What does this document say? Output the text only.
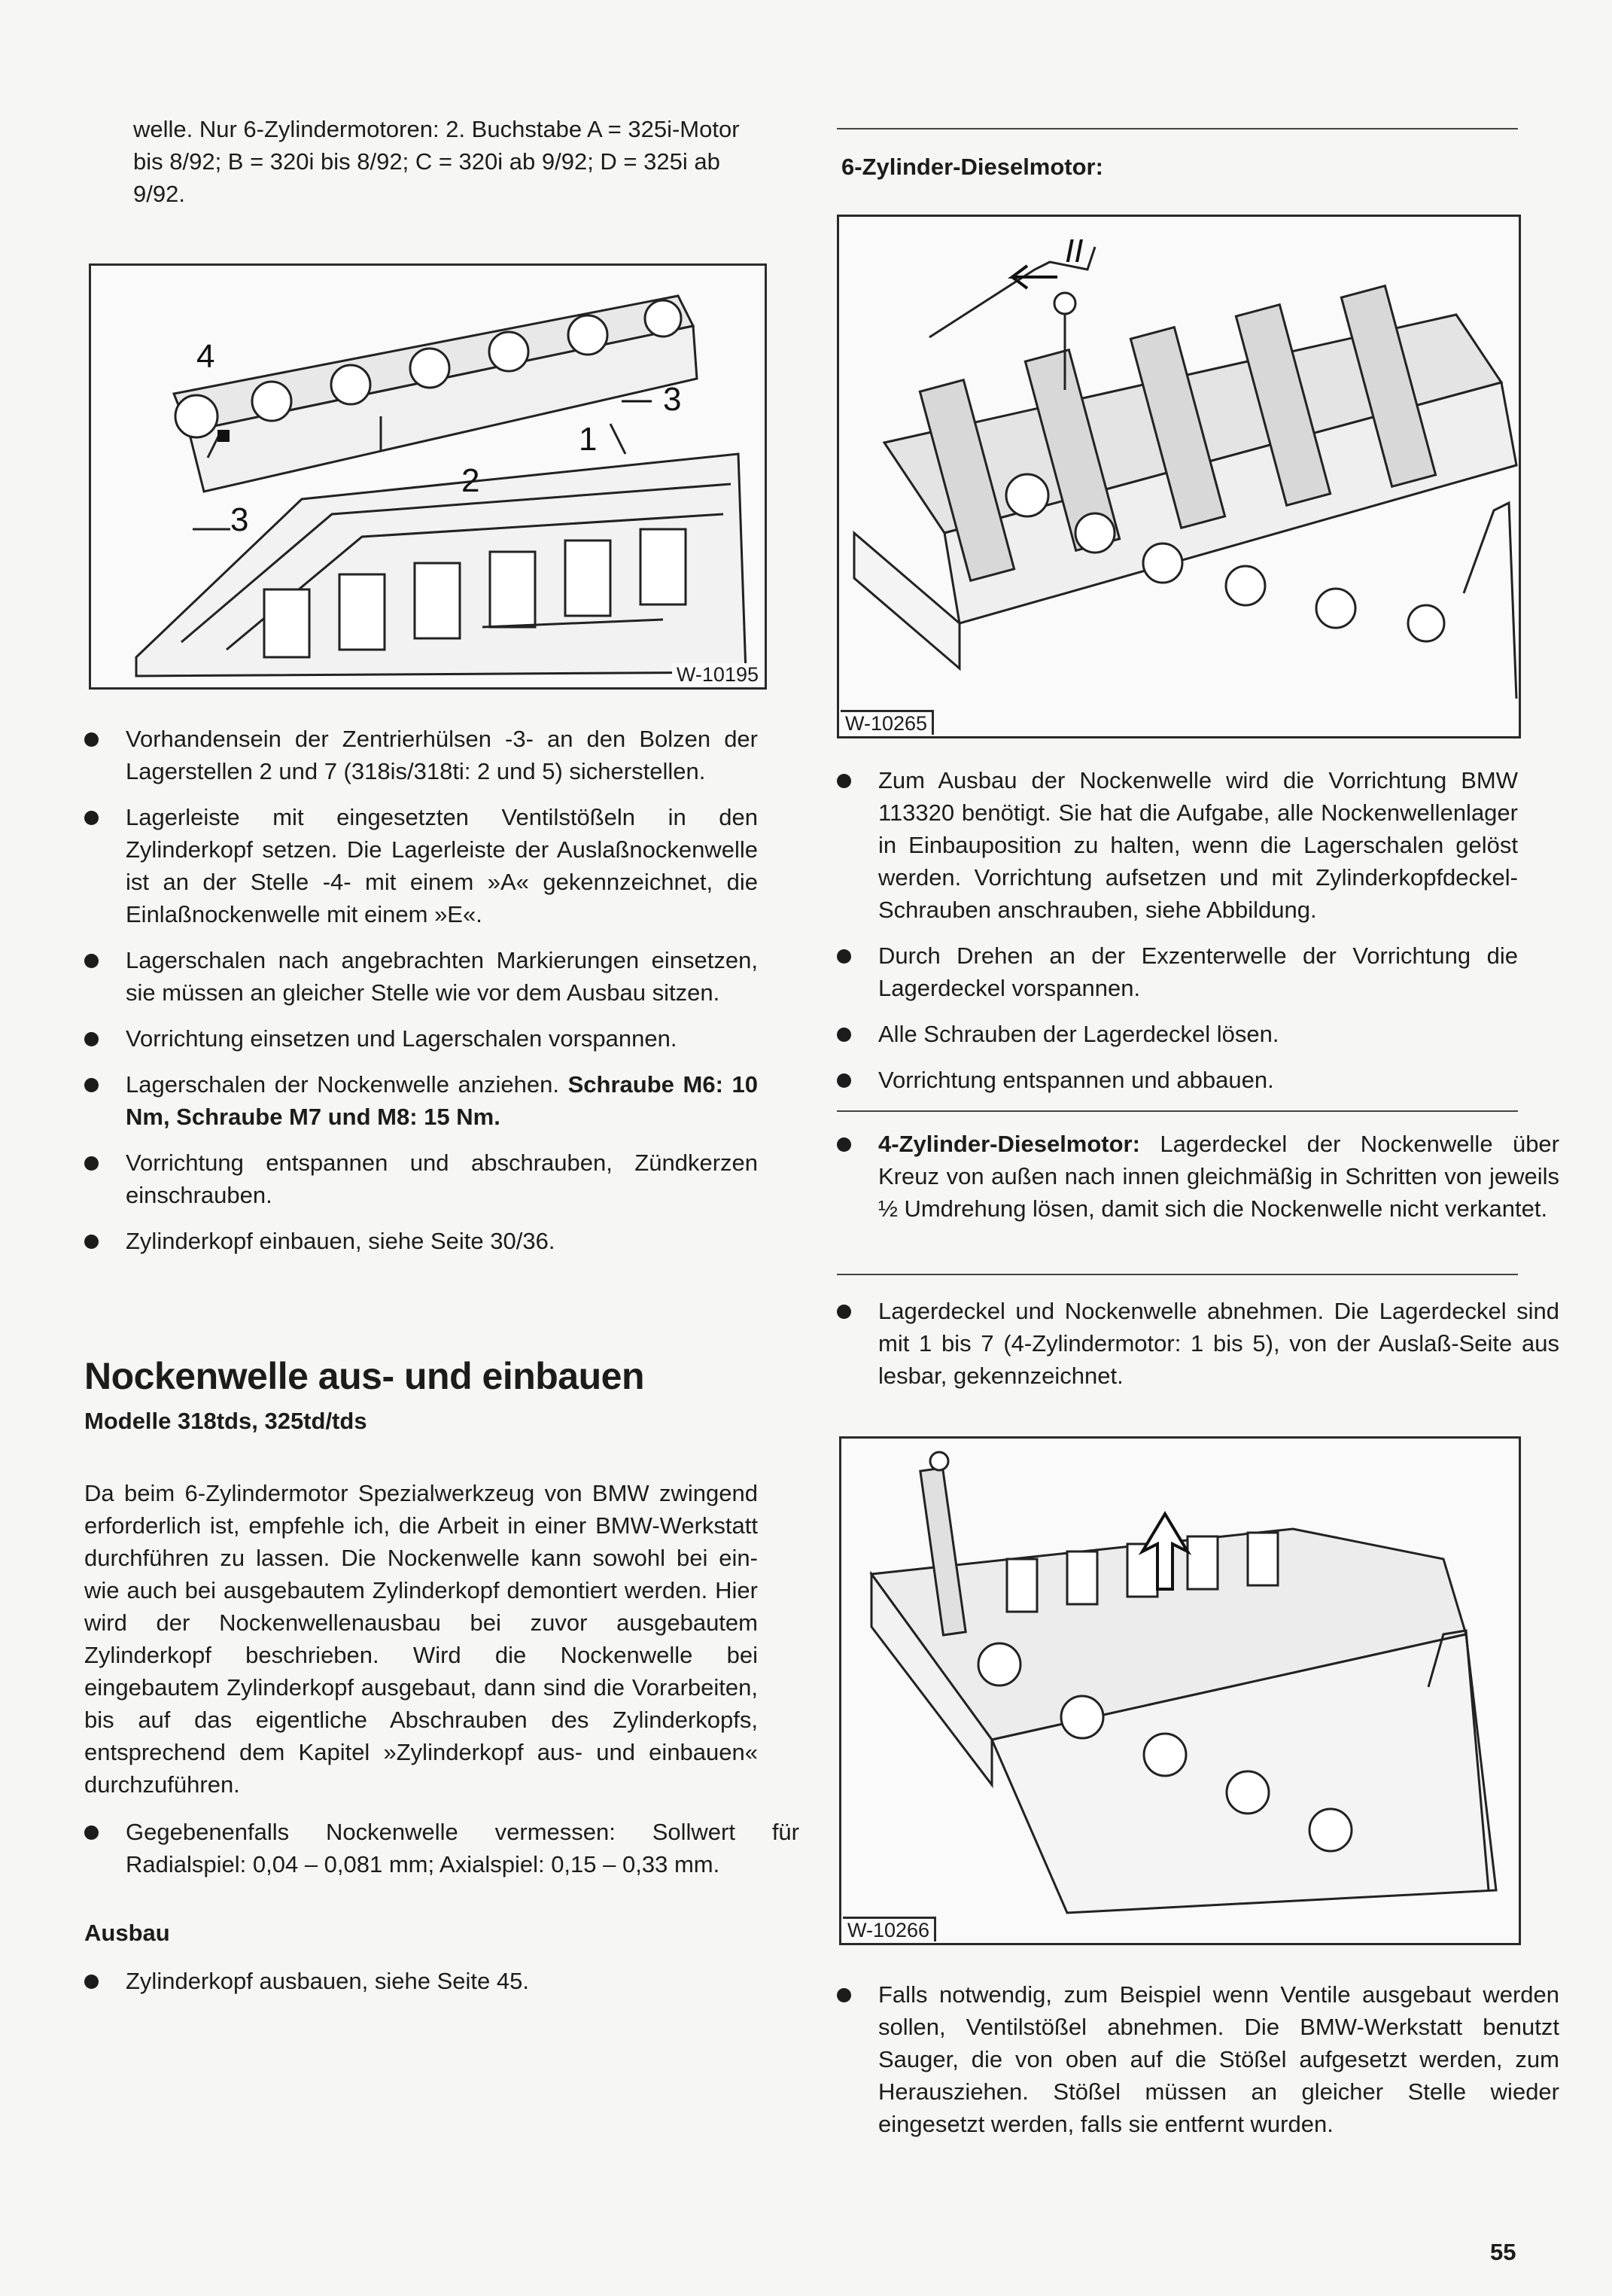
welle. Nur 6-Zylindermotoren: 2. Buchstabe A = 325i-Motor bis 8/92; B = 320i bis 8/92; C = 320i ab 9/92; D = 325i ab 9/92.

4
3
1
2
3
W-10195

Vorhandensein der Zentrierhülsen -3- an den Bolzen der Lagerstellen 2 und 7 (318is/318ti: 2 und 5) sicherstellen.

Lagerleiste mit eingesetzten Ventilstößeln in den Zylinderkopf setzen. Die Lagerleiste der Auslaßnockenwelle ist an der Stelle -4- mit einem »A« gekennzeichnet, die Einlaßnockenwelle mit einem »E«.

Lagerschalen nach angebrachten Markierungen einsetzen, sie müssen an gleicher Stelle wie vor dem Ausbau sitzen.

Vorrichtung einsetzen und Lagerschalen vorspannen.

Lagerschalen der Nockenwelle anziehen. Schraube M6: 10 Nm, Schraube M7 und M8: 15 Nm.

Vorrichtung entspannen und abschrauben, Zündkerzen einschrauben.

Zylinderkopf einbauen, siehe Seite 30/36.

Nockenwelle aus- und einbauen
Modelle 318tds, 325td/tds

Da beim 6-Zylindermotor Spezialwerkzeug von BMW zwingend erforderlich ist, empfehle ich, die Arbeit in einer BMW-Werkstatt durchführen zu lassen. Die Nockenwelle kann sowohl bei ein- wie auch bei ausgebautem Zylinderkopf demontiert werden. Hier wird der Nockenwellenausbau bei zuvor ausgebautem Zylinderkopf beschrieben. Wird die Nockenwelle bei eingebautem Zylinderkopf ausgebaut, dann sind die Vorarbeiten, bis auf das eigentliche Abschrauben des Zylinderkopfs, entsprechend dem Kapitel »Zylinderkopf aus- und einbauen« durchzuführen.

Gegebenenfalls Nockenwelle vermessen: Sollwert für Radialspiel: 0,04 – 0,081 mm; Axialspiel: 0,15 – 0,33 mm.

Ausbau

Zylinderkopf ausbauen, siehe Seite 45.

6-Zylinder-Dieselmotor:
II
W-10265

Zum Ausbau der Nockenwelle wird die Vorrichtung BMW 113320 benötigt. Sie hat die Aufgabe, alle Nockenwellenlager in Einbauposition zu halten, wenn die Lagerschalen gelöst werden. Vorrichtung aufsetzen und mit Zylinderkopfdeckel-Schrauben anschrauben, siehe Abbildung.

Durch Drehen an der Exzenterwelle der Vorrichtung die Lagerdeckel vorspannen.

Alle Schrauben der Lagerdeckel lösen.

Vorrichtung entspannen und abbauen.

4-Zylinder-Dieselmotor: Lagerdeckel der Nockenwelle über Kreuz von außen nach innen gleichmäßig in Schritten von jeweils ½ Umdrehung lösen, damit sich die Nockenwelle nicht verkantet.

Lagerdeckel und Nockenwelle abnehmen. Die Lagerdeckel sind mit 1 bis 7 (4-Zylindermotor: 1 bis 5), von der Auslaß-Seite aus lesbar, gekennzeichnet.

W-10266

Falls notwendig, zum Beispiel wenn Ventile ausgebaut werden sollen, Ventilstößel abnehmen. Die BMW-Werkstatt benutzt Sauger, die von oben auf die Stößel aufgesetzt werden, zum Herausziehen. Stößel müssen an gleicher Stelle wieder eingesetzt werden, falls sie entfernt wurden.

55
